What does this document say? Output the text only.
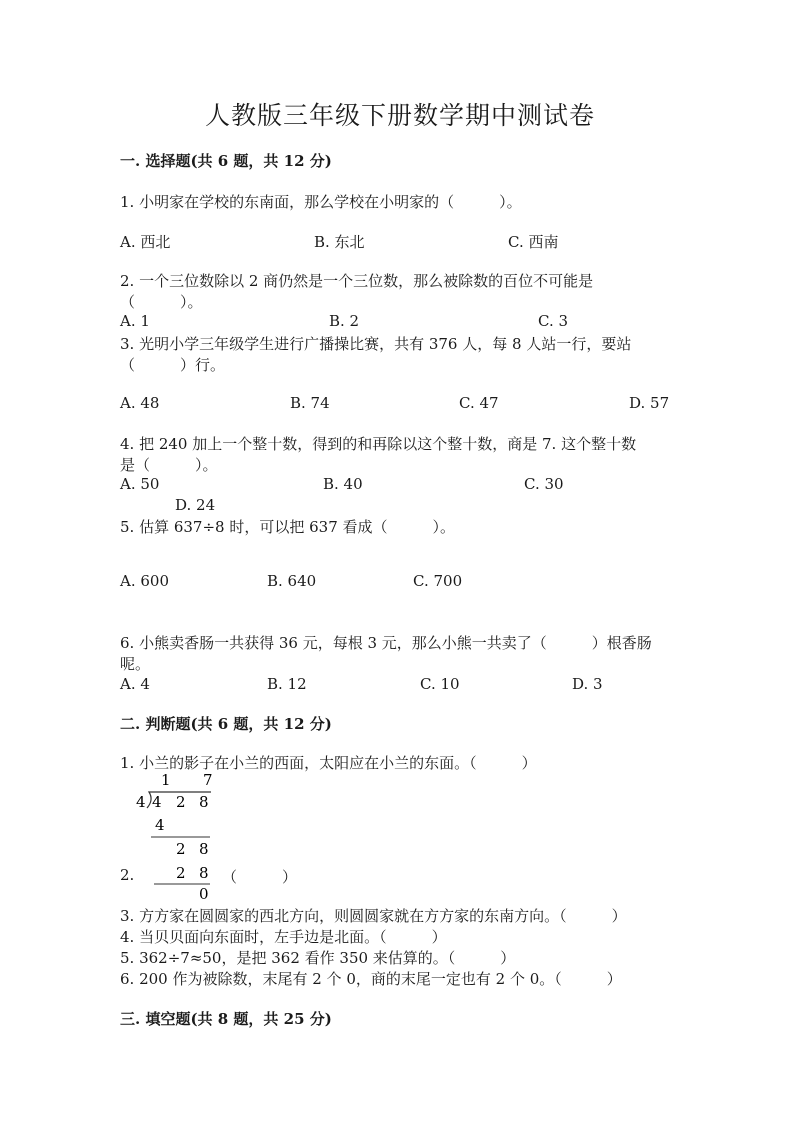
人教版三年级下册数学期中测试卷
一. 选择题(共 6 题，共 12 分)
1. 小明家在学校的东南面，那么学校在小明家的（　　　）。
A. 西北	B. 东北	C. 西南
2. 一个三位数除以 2 商仍然是一个三位数，那么被除数的百位不可能是
（　　　）。
A. 1	B. 2	C. 3
3. 光明小学三年级学生进行广播操比赛，共有 376 人，每 8 人站一行，要站
（　　　）行。
A. 48	B. 74	C. 47	D. 57
4. 把 240 加上一个整十数，得到的和再除以这个整十数，商是 7. 这个整十数
是（　　　）。
A. 50	B. 40	C. 30
D. 24
5. 估算 637÷8 时，可以把 637 看成（　　　）。
A. 600	B. 640	C. 700
6. 小熊卖香肠一共获得 36 元，每根 3 元，那么小熊一共卖了（　　　）根香肠
呢。
A. 4	B. 12	C. 10	D. 3
二. 判断题(共 6 题，共 12 分)
1. 小兰的影子在小兰的西面，太阳应在小兰的东面。（　　　）
1 7
4 4 2 8
4
2 8
2 8
0
2.	（　　　）
3. 方方家在圆圆家的西北方向，则圆圆家就在方方家的东南方向。（　　　）
4. 当贝贝面向东面时，左手边是北面。（　　　）
5. 362÷7≈50，是把 362 看作 350 来估算的。（　　　）
6. 200 作为被除数，末尾有 2 个 0，商的末尾一定也有 2 个 0。（　　　）
三. 填空题(共 8 题，共 25 分)
